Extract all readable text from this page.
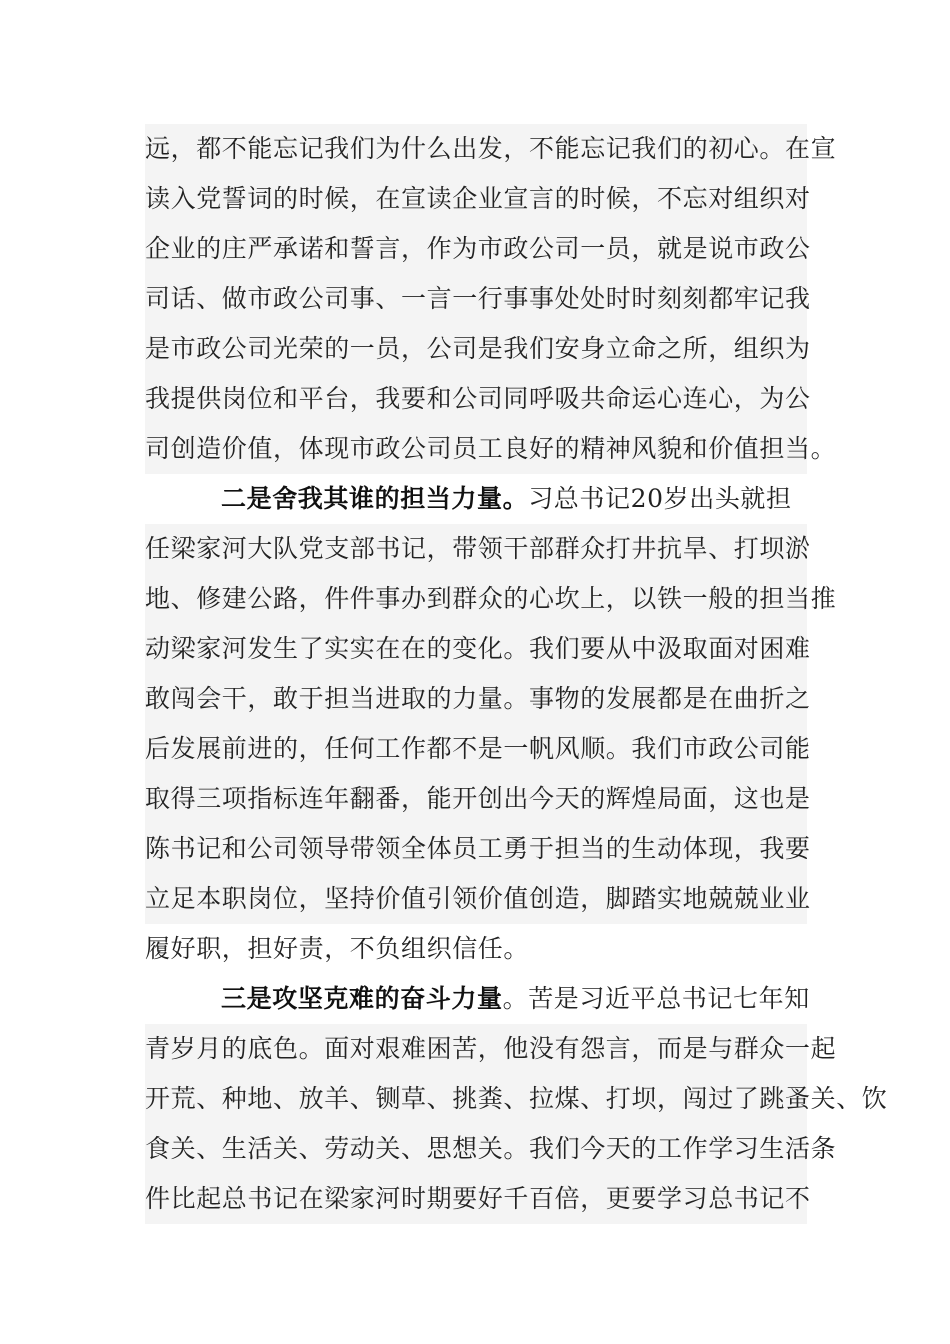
远，都不能忘记我们为什么出发，不能忘记我们的初心。在宣
读入党誓词的时候，在宣读企业宣言的时候，不忘对组织对
企业的庄严承诺和誓言，作为市政公司一员，就是说市政公
司话、做市政公司事、一言一行事事处处时时刻刻都牢记我
是市政公司光荣的一员，公司是我们安身立命之所，组织为
我提供岗位和平台，我要和公司同呼吸共命运心连心，为公
司创造价值，体现市政公司员工良好的精神风貌和价值担当。
二是舍我其谁的担当力量。习总书记20岁出头就担
任梁家河大队党支部书记，带领干部群众打井抗旱、打坝淤
地、修建公路，件件事办到群众的心坎上，以铁一般的担当推
动梁家河发生了实实在在的变化。我们要从中汲取面对困难
敢闯会干，敢于担当进取的力量。事物的发展都是在曲折之
后发展前进的，任何工作都不是一帆风顺。我们市政公司能
取得三项指标连年翻番，能开创出今天的辉煌局面，这也是
陈书记和公司领导带领全体员工勇于担当的生动体现，我要
立足本职岗位，坚持价值引领价值创造，脚踏实地兢兢业业
履好职，担好责，不负组织信任。
三是攻坚克难的奋斗力量。苦是习近平总书记七年知
青岁月的底色。面对艰难困苦，他没有怨言，而是与群众一起
开荒、种地、放羊、铡草、挑粪、拉煤、打坝，闯过了跳蚤关、饮
食关、生活关、劳动关、思想关。我们今天的工作学习生活条
件比起总书记在梁家河时期要好千百倍，更要学习总书记不
